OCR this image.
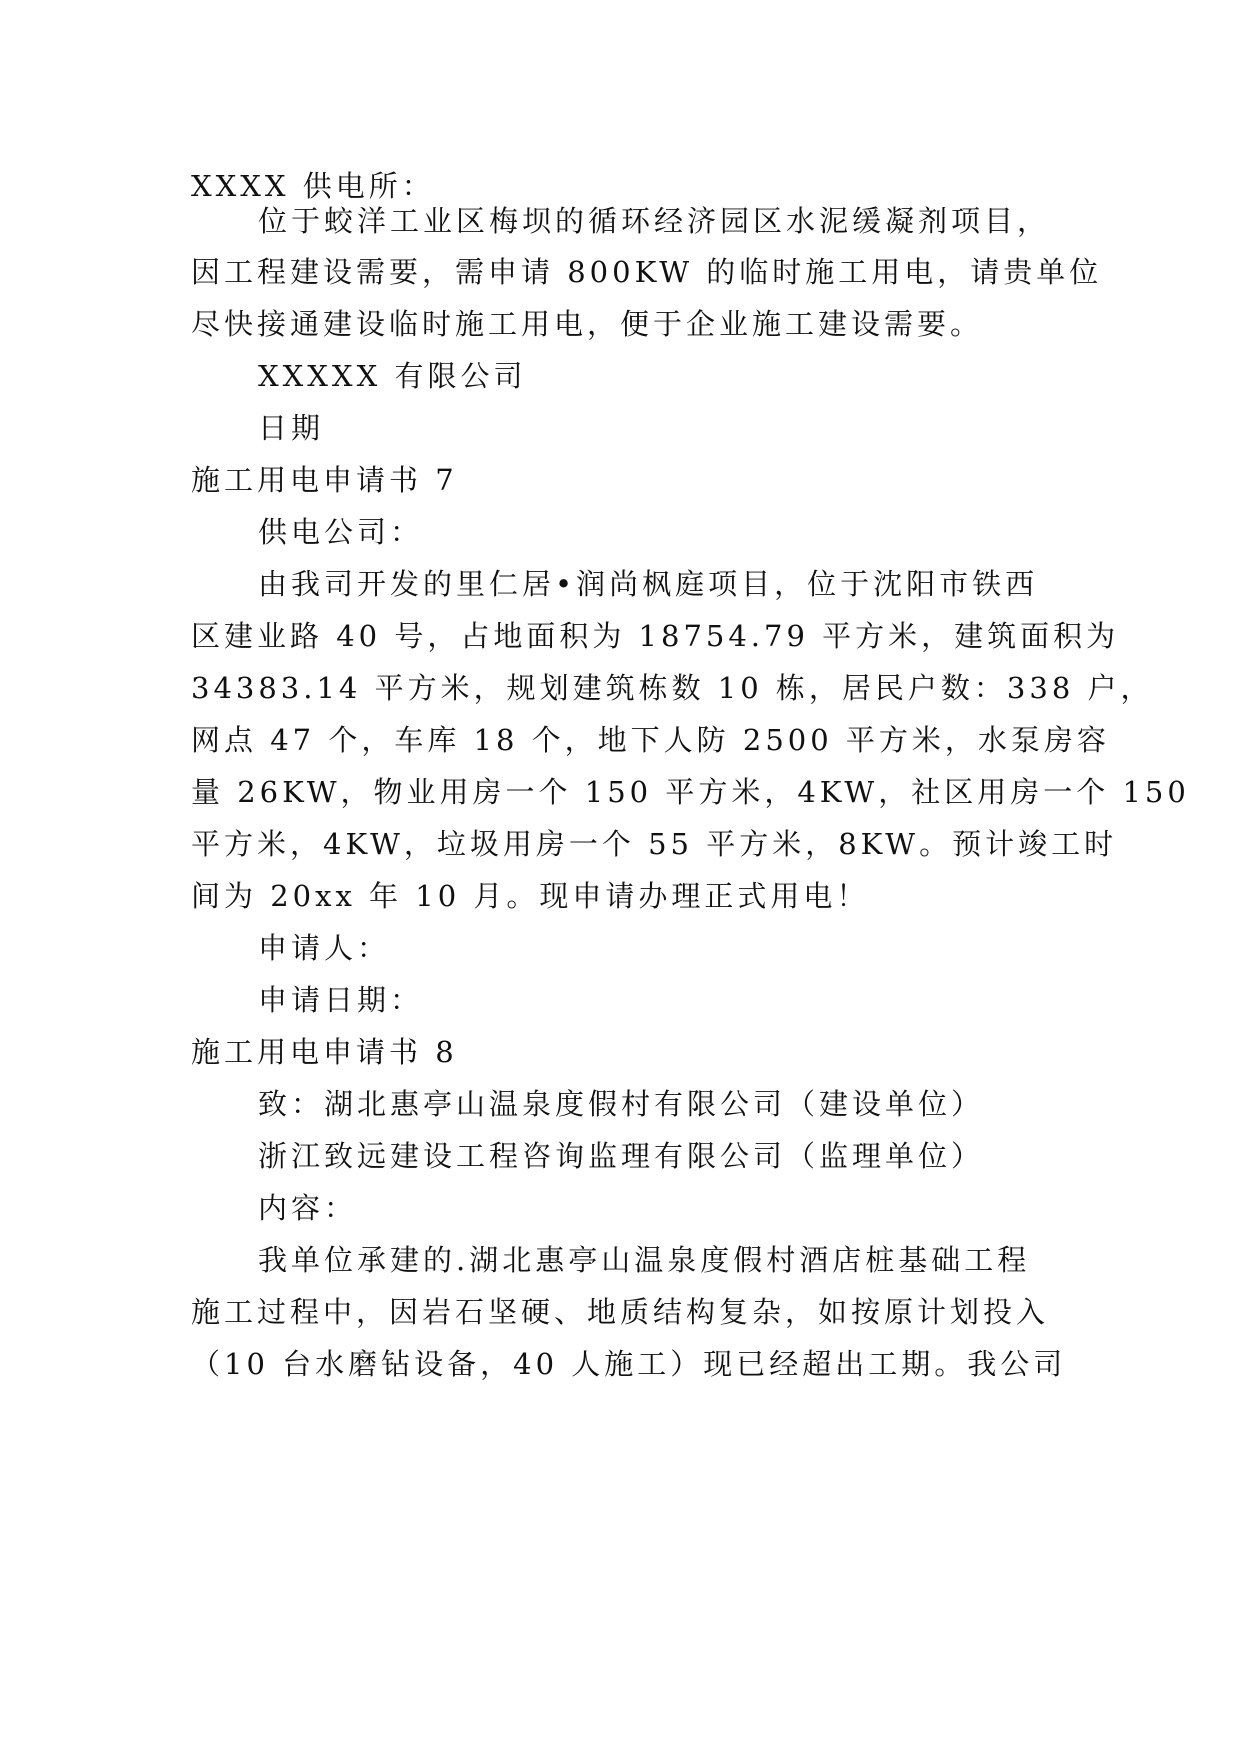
XXXX 供电所：
位于蛟洋工业区梅坝的循环经济园区水泥缓凝剂项目，
因工程建设需要，需申请 800KW 的临时施工用电，请贵单位
尽快接通建设临时施工用电，便于企业施工建设需要。
XXXXX 有限公司
日期
施工用电申请书 7
供电公司：
由我司开发的里仁居•润尚枫庭项目，位于沈阳市铁西
区建业路 40 号，占地面积为 18754.79 平方米，建筑面积为
34383.14 平方米，规划建筑栋数 10 栋，居民户数：338 户，
网点 47 个，车库 18 个，地下人防 2500 平方米，水泵房容
量 26KW，物业用房一个 150 平方米，4KW，社区用房一个 150
平方米，4KW，垃圾用房一个 55 平方米，8KW。预计竣工时
间为 20xx 年 10 月。现申请办理正式用电！
申请人：
申请日期：
施工用电申请书 8
致：湖北惠亭山温泉度假村有限公司（建设单位）
浙江致远建设工程咨询监理有限公司（监理单位）
内容：
我单位承建的.湖北惠亭山温泉度假村酒店桩基础工程
施工过程中，因岩石坚硬、地质结构复杂，如按原计划投入
（10 台水磨钻设备，40 人施工）现已经超出工期。我公司
